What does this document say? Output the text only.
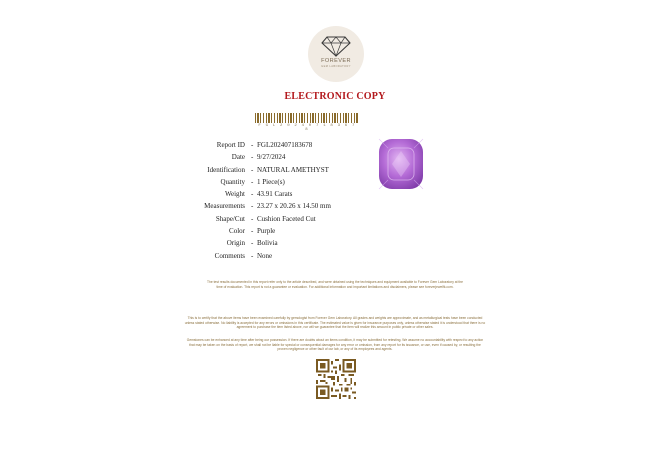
FOREVER
GEM LABORATORY
ELECTRONIC COPY
F G L 2 0 2 4 0 7 1 8 3 6 7 8
Report ID - FGL202407183678
Date - 9/27/2024
Identification - NATURAL AMETHYST
Quantity - 1 Piece(s)
Weight - 43.91 Carats
Measurements - 23.27 x 20.26 x 14.50 mm
Shape/Cut - Cushion Faceted Cut
Color - Purple
Origin - Bolivia
Comments - None
The test results documented in this report refer only to the article described, and were obtained using the techniques and equipment available to Forever Gem Laboratory at the time of evaluation. This report is not a guarantee or evaluation. For additional information and important limitations and disclaimers, please see foreverjewelfk.com.
This is to certify that the above items have been examined carefully by gemologist from Forever Gem Laboratory. All grades and weights are approximate, and as metallurgical tests have been conducted unless stated otherwise. No liability is accepted for any errors or omissions in this certificate. The estimated value is given for insurance purposes only, unless otherwise stated it is understood that there is no agreement to purchase the item listed above, nor will we guarantee that the item will realize this amount in public private or other sales.
Gemstones can be enhanced at any time after being our possession. If there are doubts about an items condition, it may be submitted for retesting. We assume no accountability with respect to any action that may be taken on the basis of report, we shall not be liable for special or consequential damages for any error or omission, from any report for its issuance, or use, even if caused by, or resulting the proven negligence or other fault of our lab, or any of its employees and agents.
